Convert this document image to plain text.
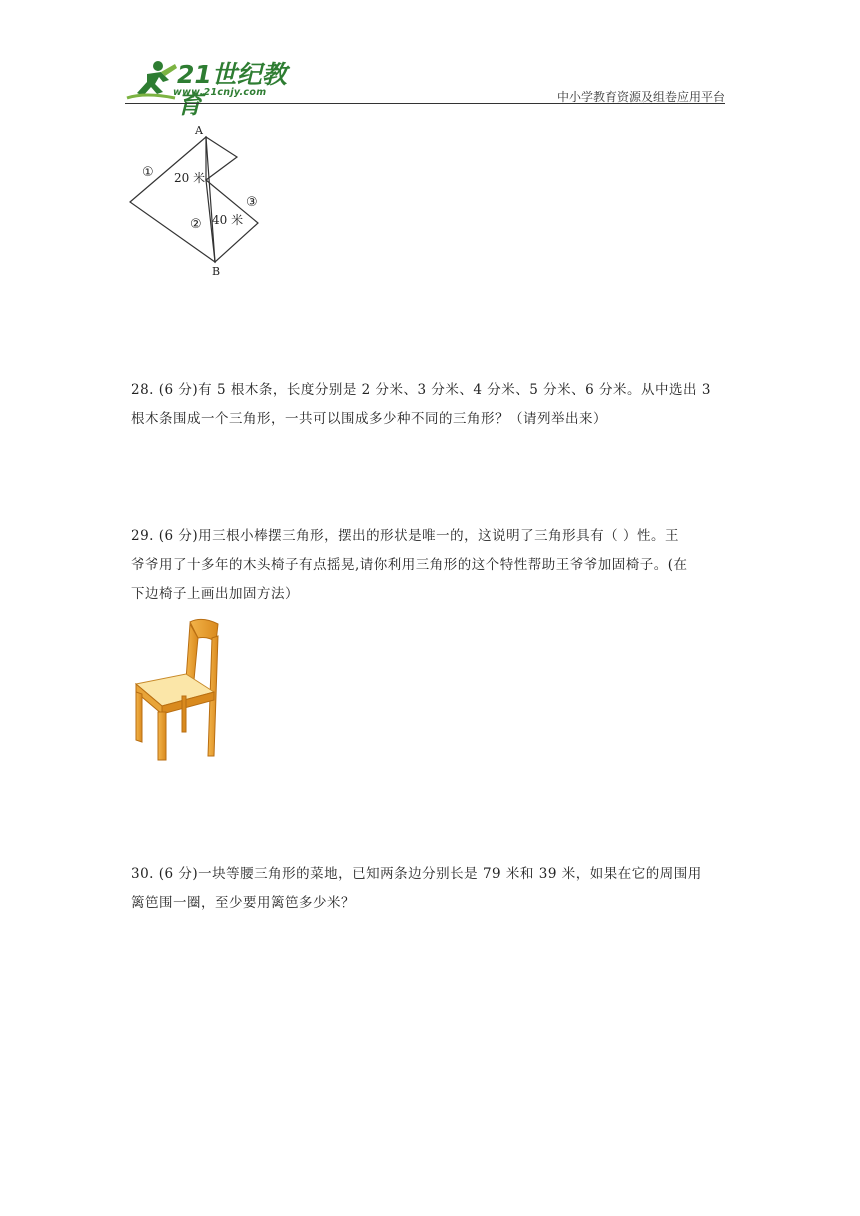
21世纪教育
www.21cnjy.com	中小学教育资源及组卷应用平台
A
B
①
②
③
20 米
40 米

28. (6 分)有 5 根木条，长度分别是 2 分米、3 分米、4 分米、5 分米、6 分米。从中选出 3

根木条围成一个三角形，一共可以围成多少种不同的三角形？（请列举出来）

29. (6 分)用三根小棒摆三角形，摆出的形状是唯一的，这说明了三角形具有（ ）性。王

爷爷用了十多年的木头椅子有点摇晃,请你利用三角形的这个特性帮助王爷爷加固椅子。(在

下边椅子上画出加固方法）

30. (6 分)一块等腰三角形的菜地，已知两条边分别长是 79 米和 39 米，如果在它的周围用

篱笆围一圈，至少要用篱笆多少米？
